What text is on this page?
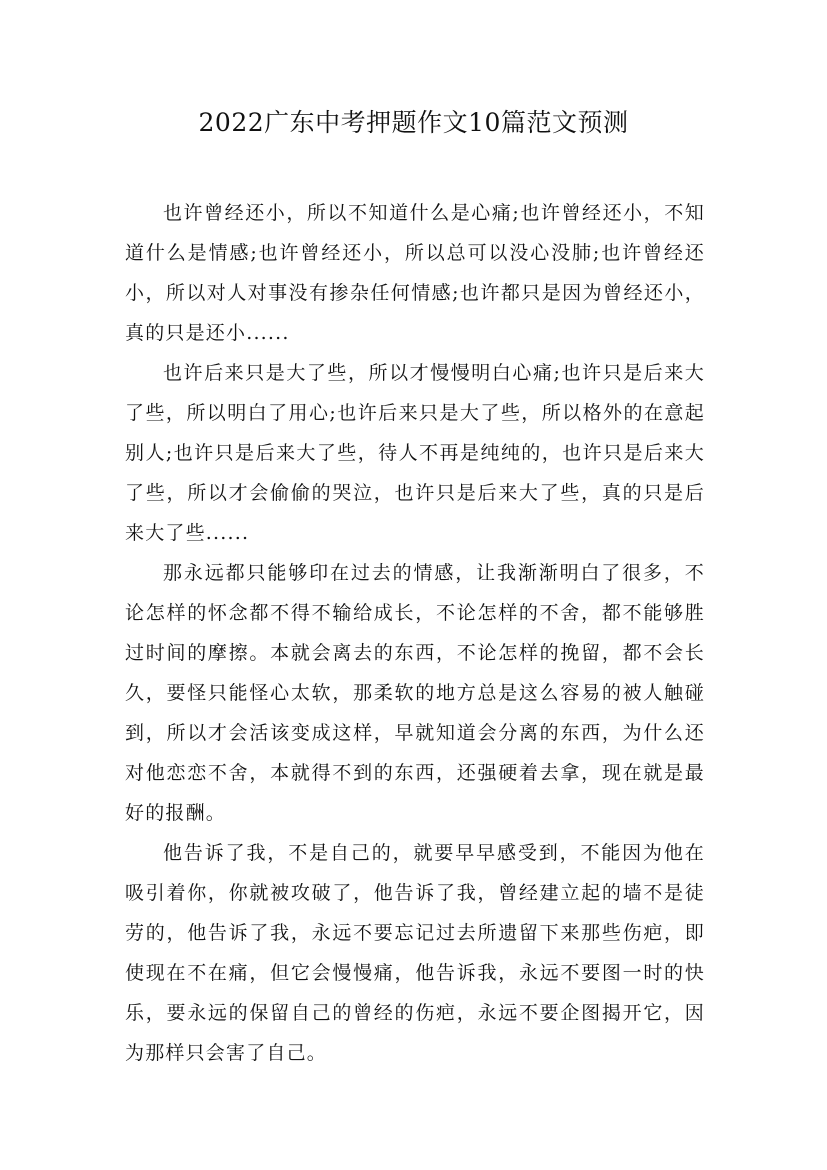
2022广东中考押题作文10篇范文预测

也许曾经还小，所以不知道什么是心痛;也许曾经还小，不知道什么是情感;也许曾经还小，所以总可以没心没肺;也许曾经还小，所以对人对事没有掺杂任何情感;也许都只是因为曾经还小，真的只是还小......

也许后来只是大了些，所以才慢慢明白心痛;也许只是后来大了些，所以明白了用心;也许后来只是大了些，所以格外的在意起别人;也许只是后来大了些，待人不再是纯纯的，也许只是后来大了些，所以才会偷偷的哭泣，也许只是后来大了些，真的只是后来大了些......

那永远都只能够印在过去的情感，让我渐渐明白了很多，不论怎样的怀念都不得不输给成长，不论怎样的不舍，都不能够胜过时间的摩擦。本就会离去的东西，不论怎样的挽留，都不会长久，要怪只能怪心太软，那柔软的地方总是这么容易的被人触碰到，所以才会活该变成这样，早就知道会分离的东西，为什么还对他恋恋不舍，本就得不到的东西，还强硬着去拿，现在就是最好的报酬。

他告诉了我，不是自己的，就要早早感受到，不能因为他在吸引着你，你就被攻破了，他告诉了我，曾经建立起的墙不是徒劳的，他告诉了我，永远不要忘记过去所遗留下来那些伤疤，即使现在不在痛，但它会慢慢痛，他告诉我，永远不要图一时的快乐，要永远的保留自己的曾经的伤疤，永远不要企图揭开它，因为那样只会害了自己。
